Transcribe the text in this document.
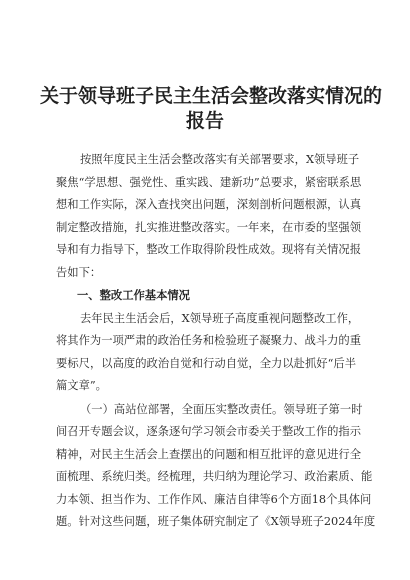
关于领导班子民主生活会整改落实情况的
报告
按照年度民主生活会整改落实有关部署要求，X领导班子
聚焦“学思想、强党性、重实践、建新功”总要求，紧密联系思
想和工作实际，深入查找突出问题，深刻剖析问题根源，认真
制定整改措施，扎实推进整改落实。一年来，在市委的坚强领
导和有力指导下，整改工作取得阶段性成效。现将有关情况报
告如下：
一、整改工作基本情况
去年民主生活会后，X领导班子高度重视问题整改工作，
将其作为一项严肃的政治任务和检验班子凝聚力、战斗力的重
要标尺，以高度的政治自觉和行动自觉，全力以赴抓好“后半
篇文章”。
（一）高站位部署，全面压实整改责任。领导班子第一时
间召开专题会议，逐条逐句学习领会市委关于整改工作的指示
精神，对民主生活会上查摆出的问题和相互批评的意见进行全
面梳理、系统归类。经梳理，共归纳为理论学习、政治素质、能
力本领、担当作为、工作作风、廉洁自律等6个方面18个具体问
题。针对这些问题，班子集体研究制定了《X领导班子2024年度
